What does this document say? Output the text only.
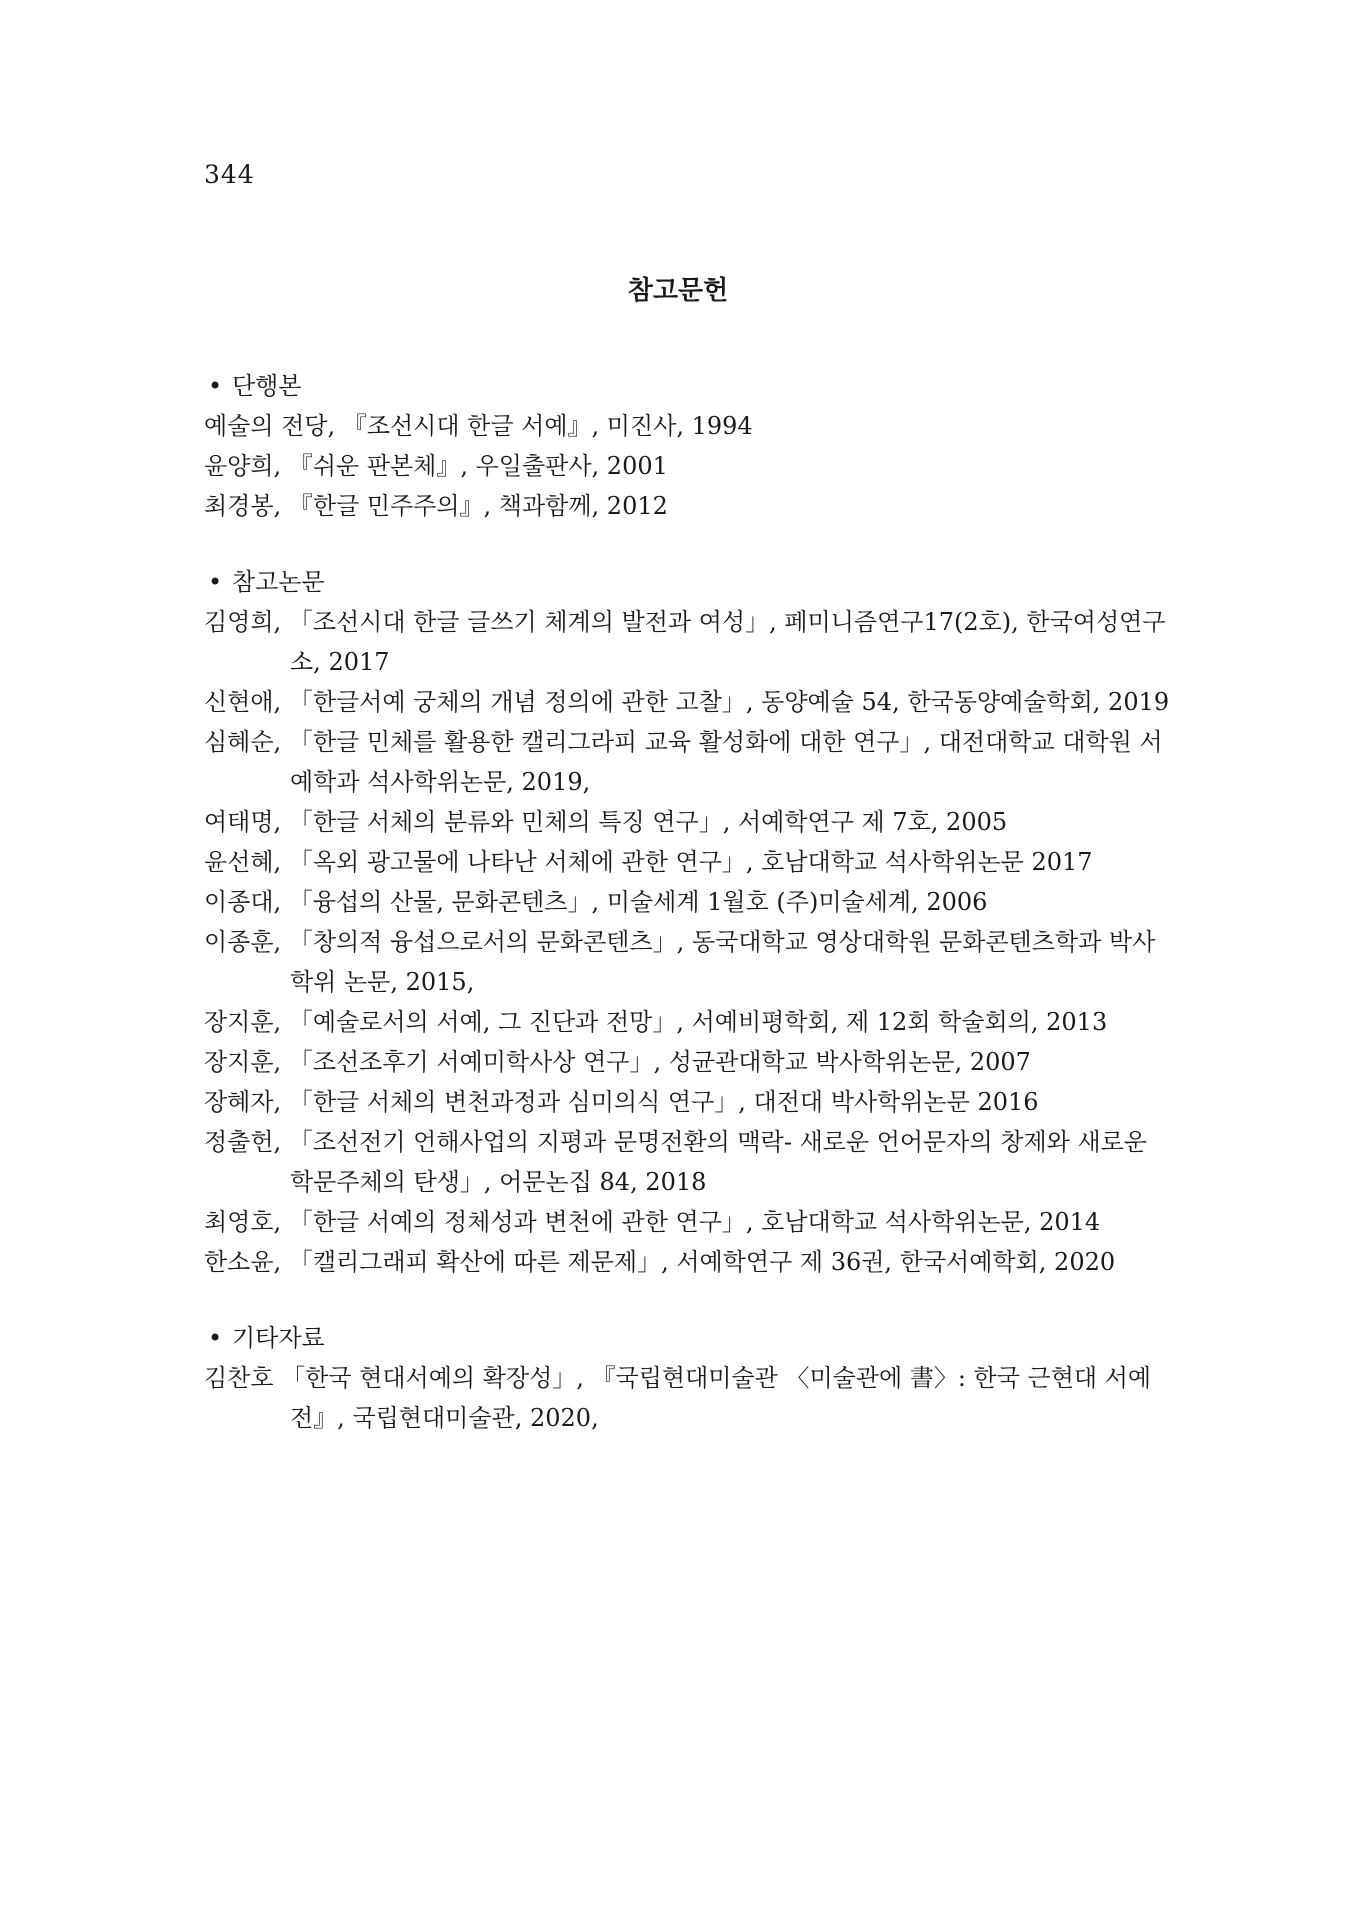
344
참고문헌
• 단행본
예술의 전당, 『조선시대 한글 서예』, 미진사, 1994
윤양희, 『쉬운 판본체』, 우일출판사, 2001
최경봉, 『한글 민주주의』, 책과함께, 2012
• 참고논문
김영희, 「조선시대 한글 글쓰기 체계의 발전과 여성」, 페미니즘연구17(2호), 한국여성연구소, 2017
신현애, 「한글서예 궁체의 개념 정의에 관한 고찰」, 동양예술 54, 한국동양예술학회, 2019
심혜순, 「한글 민체를 활용한 캘리그라피 교육 활성화에 대한 연구」, 대전대학교 대학원 서예학과 석사학위논문, 2019,
여태명, 「한글 서체의 분류와 민체의 특징 연구」, 서예학연구 제 7호, 2005
윤선혜, 「옥외 광고물에 나타난 서체에 관한 연구」, 호남대학교 석사학위논문 2017
이종대, 「융섭의 산물, 문화콘텐츠」, 미술세계 1월호 (주)미술세계, 2006
이종훈, 「창의적 융섭으로서의 문화콘텐츠」, 동국대학교 영상대학원 문화콘텐츠학과 박사학위 논문, 2015,
장지훈, 「예술로서의 서예, 그 진단과 전망」, 서예비평학회, 제 12회 학술회의, 2013
장지훈, 「조선조후기 서예미학사상 연구」, 성균관대학교 박사학위논문, 2007
장혜자, 「한글 서체의 변천과정과 심미의식 연구」, 대전대 박사학위논문 2016
정출헌, 「조선전기 언해사업의 지평과 문명전환의 맥락- 새로운 언어문자의 창제와 새로운 학문주체의 탄생」, 어문논집 84, 2018
최영호, 「한글 서예의 정체성과 변천에 관한 연구」, 호남대학교 석사학위논문, 2014
한소윤, 「캘리그래피 확산에 따른 제문제」, 서예학연구 제 36권, 한국서예학회, 2020
• 기타자료
김찬호 「한국 현대서예의 확장성」, 『국립현대미술관 〈미술관에 書〉: 한국 근현대 서예전』, 국립현대미술관, 2020,
